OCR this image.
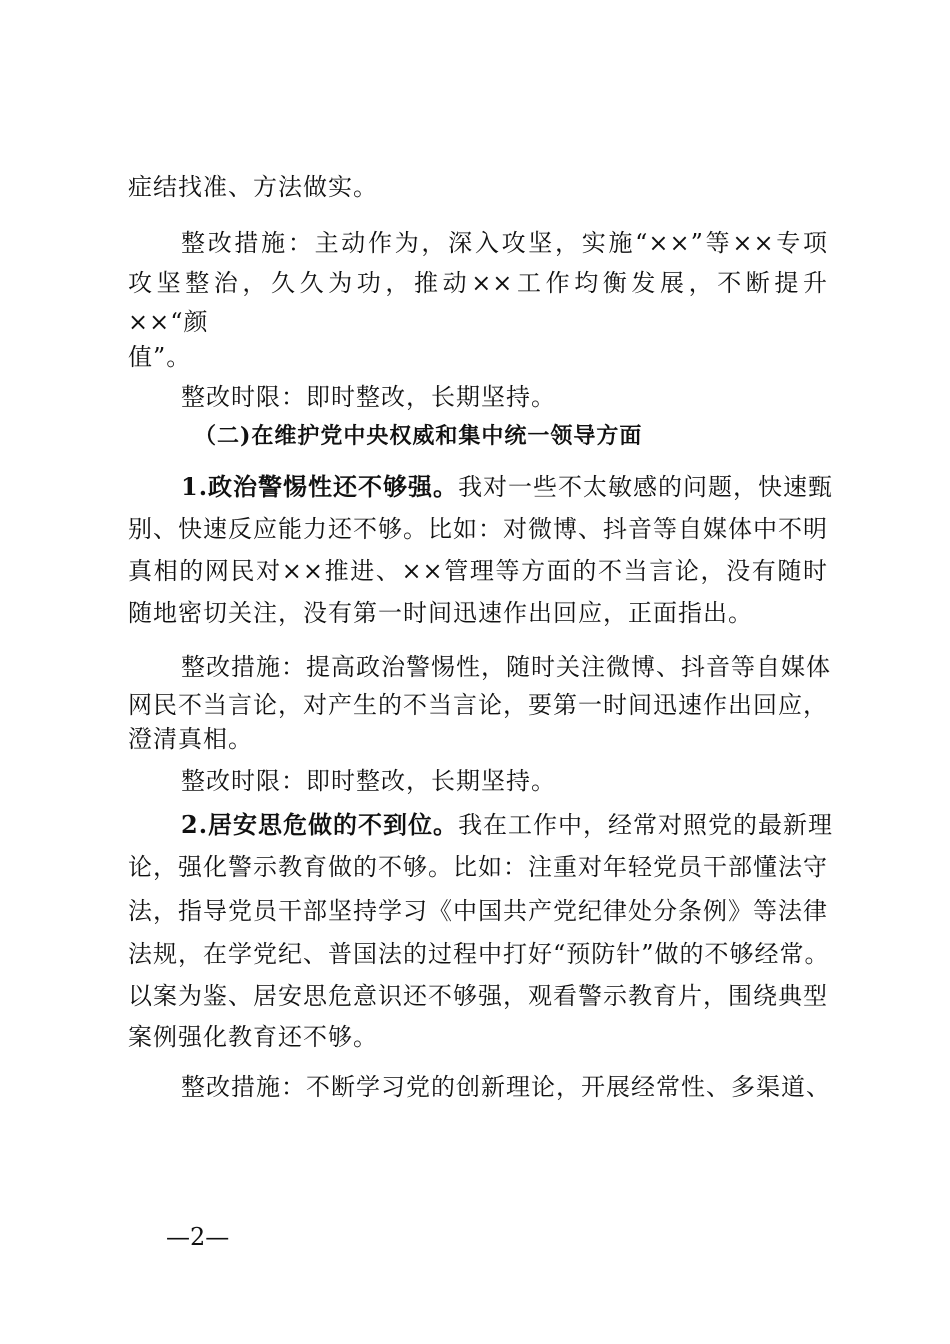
症结找准、方法做实。
整改措施：主动作为，深入攻坚，实施“××”等××专项
攻坚整治，久久为功，推动××工作均衡发展，不断提升
××“颜
值”。
整改时限：即时整改，长期坚持。
（二)在维护党中央权威和集中统一领导方面
1.政治警惕性还不够强。我对一些不太敏感的问题，快速甄
别、快速反应能力还不够。比如：对微博、抖音等自媒体中不明
真相的网民对××推进、××管理等方面的不当言论，没有随时
随地密切关注，没有第一时间迅速作出回应，正面指出。
整改措施：提高政治警惕性，随时关注微博、抖音等自媒体
网民不当言论，对产生的不当言论，要第一时间迅速作出回应，
澄清真相。
整改时限：即时整改，长期坚持。
2.居安思危做的不到位。我在工作中，经常对照党的最新理
论，强化警示教育做的不够。比如：注重对年轻党员干部懂法守
法，指导党员干部坚持学习《中国共产党纪律处分条例》等法律
法规，在学党纪、普国法的过程中打好“预防针”做的不够经常。
以案为鉴、居安思危意识还不够强，观看警示教育片，围绕典型
案例强化教育还不够。
整改措施：不断学习党的创新理论，开展经常性、多渠道、
—2—
